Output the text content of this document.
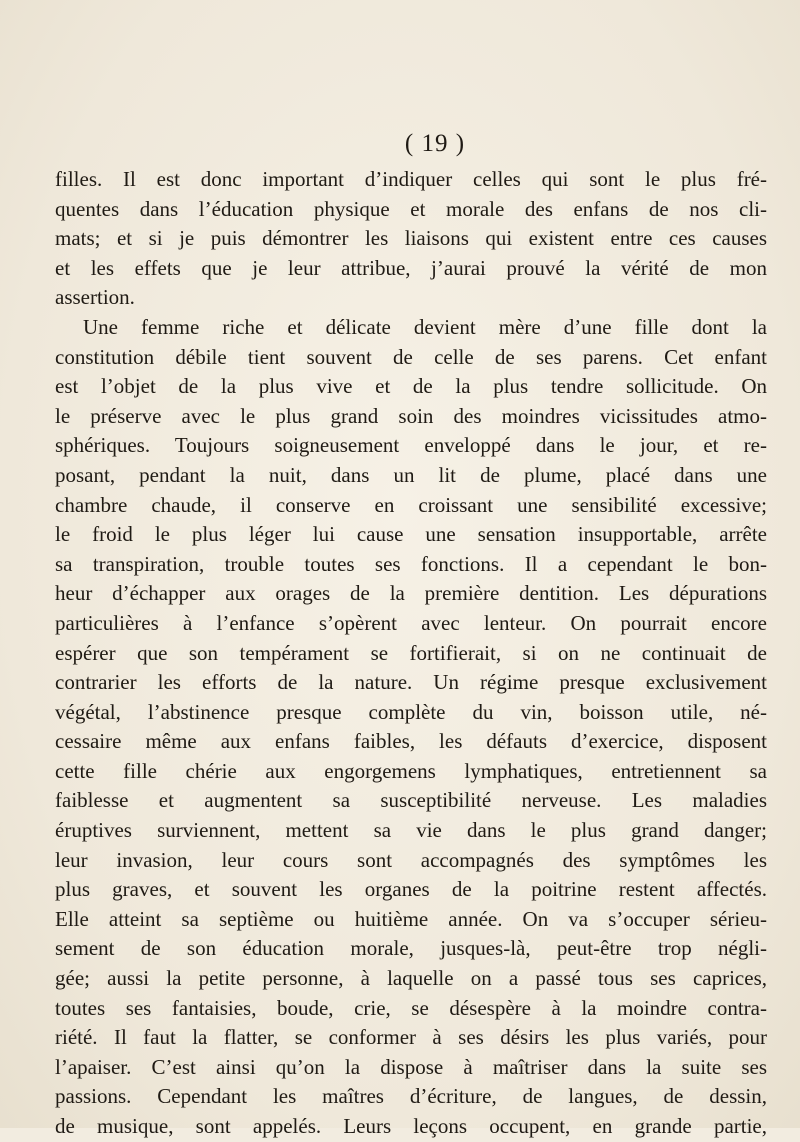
( 19 )
filles. Il est donc important d’indiquer celles qui sont le plus fré-
quentes dans l’éducation physique et morale des enfans de nos cli-
mats; et si je puis démontrer les liaisons qui existent entre ces causes
et les effets que je leur attribue, j’aurai prouvé la vérité de mon
assertion.
Une femme riche et délicate devient mère d’une fille dont la
constitution débile tient souvent de celle de ses parens. Cet enfant
est l’objet de la plus vive et de la plus tendre sollicitude. On
le préserve avec le plus grand soin des moindres vicissitudes atmo-
sphériques. Toujours soigneusement enveloppé dans le jour, et re-
posant, pendant la nuit, dans un lit de plume, placé dans une
chambre chaude, il conserve en croissant une sensibilité excessive;
le froid le plus léger lui cause une sensation insupportable, arrête
sa transpiration, trouble toutes ses fonctions. Il a cependant le bon-
heur d’échapper aux orages de la première dentition. Les dépurations
particulières à l’enfance s’opèrent avec lenteur. On pourrait encore
espérer que son tempérament se fortifierait, si on ne continuait de
contrarier les efforts de la nature. Un régime presque exclusivement
végétal, l’abstinence presque complète du vin, boisson utile, né-
cessaire même aux enfans faibles, les défauts d’exercice, disposent
cette fille chérie aux engorgemens lymphatiques, entretiennent sa
faiblesse et augmentent sa susceptibilité nerveuse. Les maladies
éruptives surviennent, mettent sa vie dans le plus grand danger;
leur invasion, leur cours sont accompagnés des symptômes les
plus graves, et souvent les organes de la poitrine restent affectés.
Elle atteint sa septième ou huitième année. On va s’occuper sérieu-
sement de son éducation morale, jusques-là, peut-être trop négli-
gée; aussi la petite personne, à laquelle on a passé tous ses caprices,
toutes ses fantaisies, boude, crie, se désespère à la moindre contra-
riété. Il faut la flatter, se conformer à ses désirs les plus variés, pour
l’apaiser. C’est ainsi qu’on la dispose à maîtriser dans la suite ses
passions. Cependant les maîtres d’écriture, de langues, de dessin,
de musique, sont appelés. Leurs leçons occupent, en grande partie,
